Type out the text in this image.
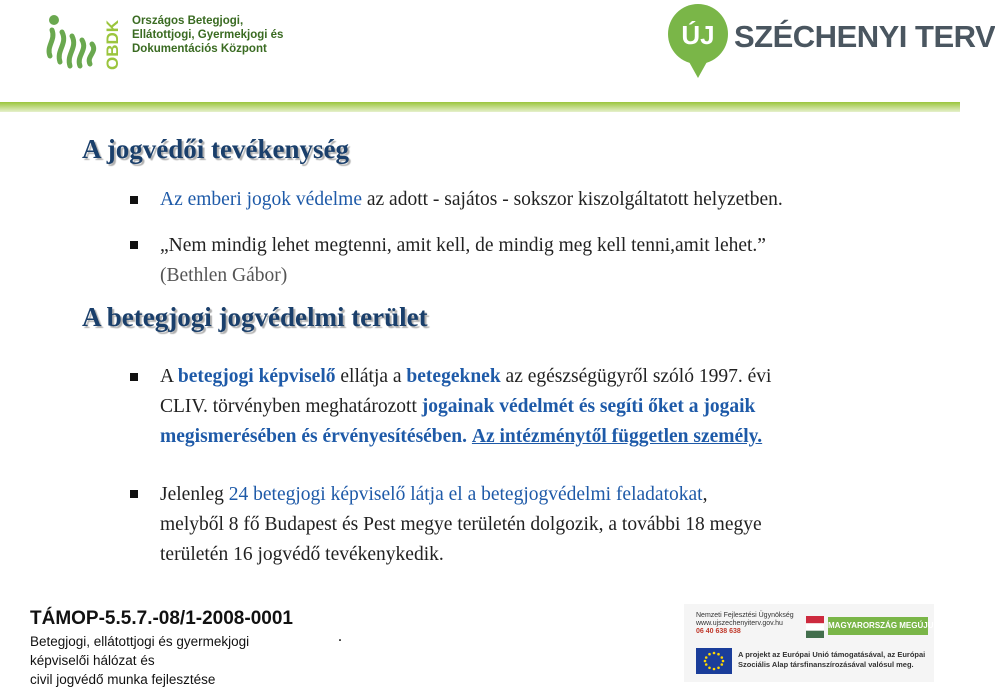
OBDK Országos Betegjogi,
Ellátottjogi, Gyermekjogi és
Dokumentációs Központ	ÚJ SZÉCHENYI TERV
A jogvédői tevékenység
Az emberi jogok védelme az adott - sajátos - sokszor kiszolgáltatott helyzetben.
„Nem mindig lehet megtenni, amit kell, de mindig meg kell tenni,amit lehet.”
(Bethlen Gábor)
A betegjogi jogvédelmi terület
A betegjogi képviselő ellátja a betegeknek az egészségügyről szóló 1997. évi
CLIV. törvényben meghatározott jogainak védelmét és segíti őket a jogaik
megismerésében és érvényesítésében. Az intézménytől független személy.
Jelenleg 24 betegjogi képviselő látja el a betegjogvédelmi feladatokat,
melyből 8 fő Budapest és Pest megye területén dolgozik, a további 18 megye
területén 16 jogvédő tevékenykedik.
TÁMOP-5.5.7.-08/1-2008-0001
Betegjogi, ellátottjogi és gyermekjogi
képviselői hálózat és
civil jogvédő munka fejlesztése
.
Nemzeti Fejlesztési Ügynökség
www.ujszechenyiterv.gov.hu
06 40 638 638
MAGYARORSZÁG MEGÚJUL
A projekt az Európai Unió támogatásával, az Európai
Szociális Alap társfinanszírozásával valósul meg.
